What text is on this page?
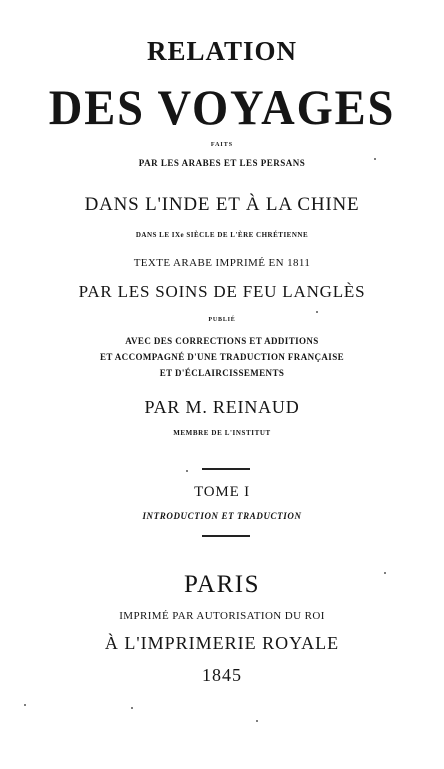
RELATION
DES VOYAGES
FAITS
PAR LES ARABES ET LES PERSANS
DANS L'INDE ET À LA CHINE
DANS LE IXe SIÈCLE DE L'ÈRE CHRÉTIENNE
TEXTE ARABE IMPRIMÉ EN 1811
PAR LES SOINS DE FEU LANGLÈS
PUBLIÉ
AVEC DES CORRECTIONS ET ADDITIONS
ET ACCOMPAGNÉ D'UNE TRADUCTION FRANÇAISE
ET D'ÉCLAIRCISSEMENTS
PAR M. REINAUD
MEMBRE DE L'INSTITUT
TOME I
INTRODUCTION ET TRADUCTION
PARIS
IMPRIMÉ PAR AUTORISATION DU ROI
À L'IMPRIMERIE ROYALE
1845
